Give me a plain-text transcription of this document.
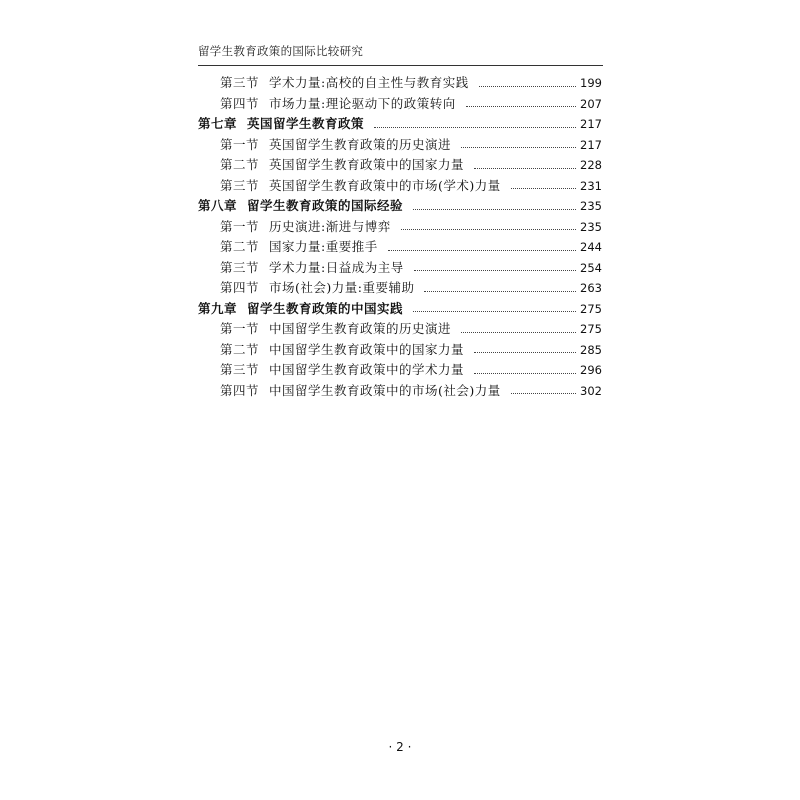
留学生教育政策的国际比较研究
第三节 学术力量:高校的自主性与教育实践	199
第四节 市场力量:理论驱动下的政策转向	207
第七章 英国留学生教育政策	217
第一节 英国留学生教育政策的历史演进	217
第二节 英国留学生教育政策中的国家力量	228
第三节 英国留学生教育政策中的市场(学术)力量	231
第八章 留学生教育政策的国际经验	235
第一节 历史演进:渐进与博弈	235
第二节 国家力量:重要推手	244
第三节 学术力量:日益成为主导	254
第四节 市场(社会)力量:重要辅助	263
第九章 留学生教育政策的中国实践	275
第一节 中国留学生教育政策的历史演进	275
第二节 中国留学生教育政策中的国家力量	285
第三节 中国留学生教育政策中的学术力量	296
第四节 中国留学生教育政策中的市场(社会)力量	302
· 2 ·
